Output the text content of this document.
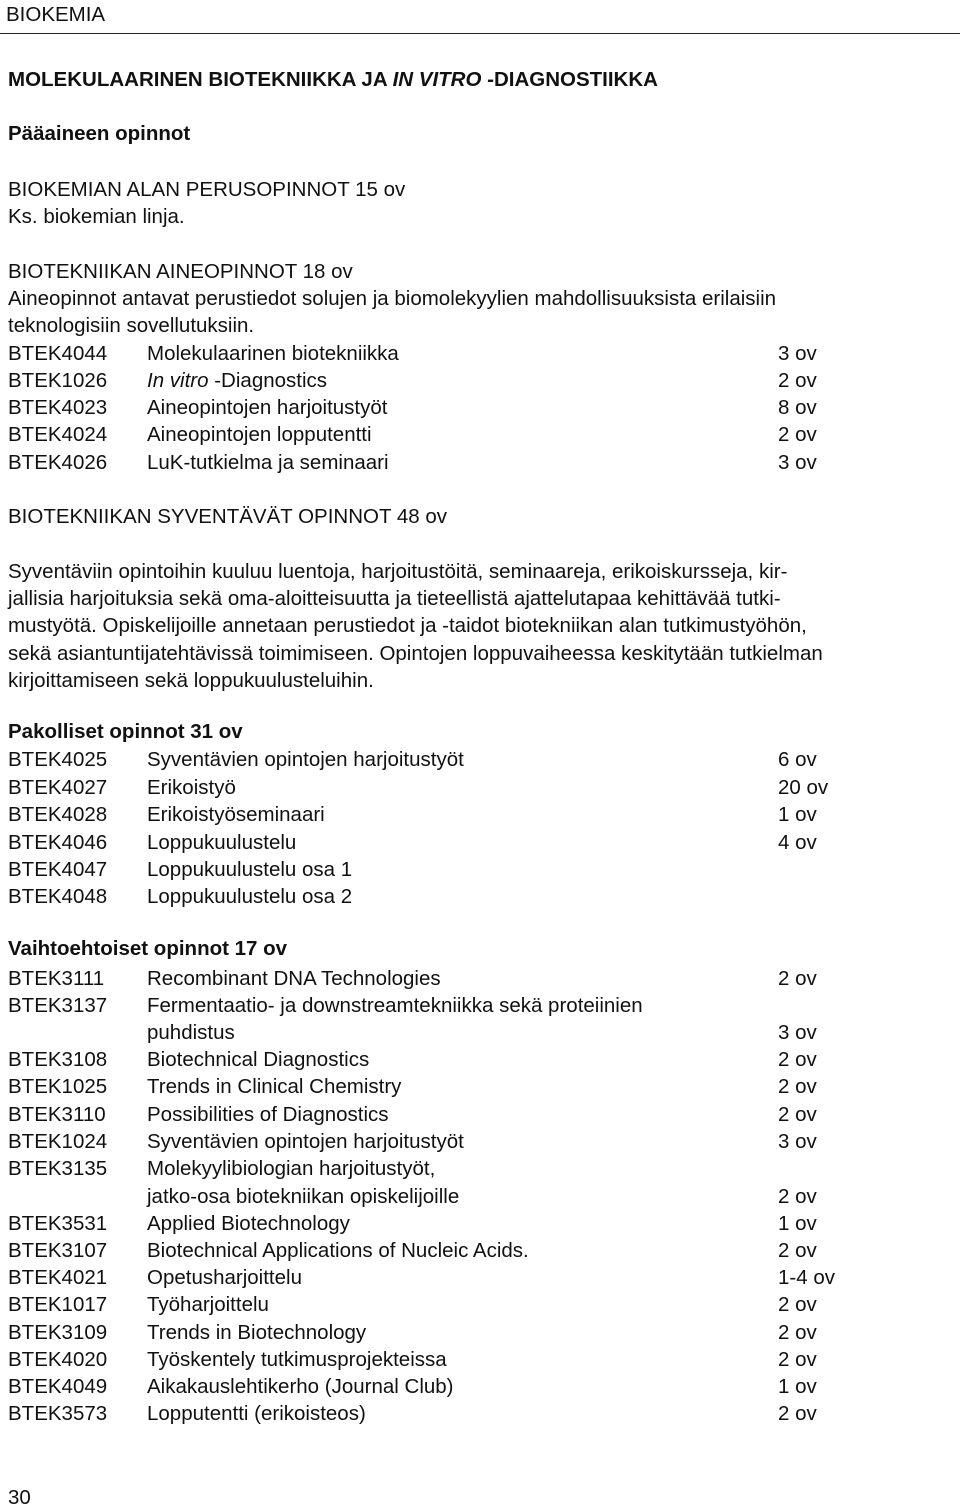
BIOKEMIA
MOLEKULAARINEN BIOTEKNIIKKA JA IN VITRO -DIAGNOSTIIKKA
Pääaineen opinnot
BIOKEMIAN ALAN PERUSOPINNOT 15 ov
Ks. biokemian linja.
BIOTEKNIIKAN AINEOPINNOT 18 ov
Aineopinnot antavat perustiedot solujen ja biomolekyylien mahdollisuuksista erilaisiin
teknologisiin sovellutuksiin.
BTEK4044 Molekulaarinen biotekniikka	3 ov
BTEK1026 In vitro -Diagnostics	2 ov
BTEK4023 Aineopintojen harjoitustyöt	8 ov
BTEK4024 Aineopintojen lopputentti	2 ov
BTEK4026 LuK-tutkielma ja seminaari	3 ov
BIOTEKNIIKAN SYVENTÄVÄT OPINNOT 48 ov
Syventäviin opintoihin kuuluu luentoja, harjoitustöitä, seminaareja, erikoiskursseja, kir-
jallisia harjoituksia sekä oma-aloitteisuutta ja tieteellistä ajattelutapaa kehittävää tutki-
mustyötä. Opiskelijoille annetaan perustiedot ja -taidot biotekniikan alan tutkimustyöhön,
sekä asiantuntijatehtävissä toimimiseen. Opintojen loppuvaiheessa keskitytään tutkielman
kirjoittamiseen sekä loppukuulusteluihin.
Pakolliset opinnot 31 ov
BTEK4025 Syventävien opintojen harjoitustyöt	6 ov
BTEK4027 Erikoistyö	20 ov
BTEK4028 Erikoistyöseminaari	1 ov
BTEK4046 Loppukuulustelu	4 ov
BTEK4047 Loppukuulustelu osa 1
BTEK4048 Loppukuulustelu osa 2
Vaihtoehtoiset opinnot 17 ov
BTEK3111 Recombinant DNA Technologies	2 ov
BTEK3137 Fermentaatio- ja downstreamtekniikka sekä proteiinien
puhdistus	3 ov
BTEK3108 Biotechnical Diagnostics	2 ov
BTEK1025 Trends in Clinical Chemistry	2 ov
BTEK3110 Possibilities of Diagnostics	2 ov
BTEK1024 Syventävien opintojen harjoitustyöt	3 ov
BTEK3135 Molekyylibiologian harjoitustyöt,
jatko-osa biotekniikan opiskelijoille	2 ov
BTEK3531 Applied Biotechnology	1 ov
BTEK3107 Biotechnical Applications of Nucleic Acids.	2 ov
BTEK4021 Opetusharjoittelu	1-4 ov
BTEK1017 Työharjoittelu	2 ov
BTEK3109 Trends in Biotechnology	2 ov
BTEK4020 Työskentely tutkimusprojekteissa	2 ov
BTEK4049 Aikakauslehtikerho (Journal Club)	1 ov
BTEK3573 Lopputentti (erikoisteos)	2 ov
30
